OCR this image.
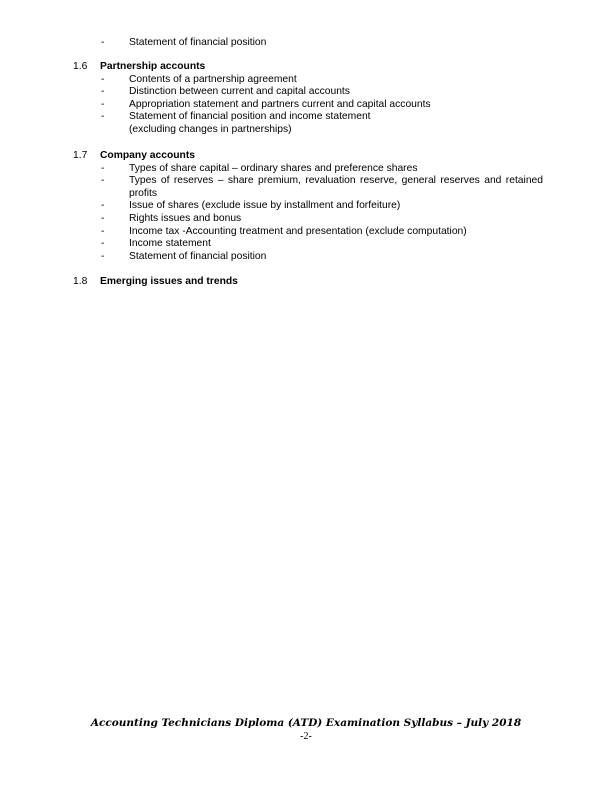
-	Statement of financial position
1.6	Partnership accounts
-	Contents of a partnership agreement
-	Distinction between current and capital accounts
-	Appropriation statement and partners current and capital accounts
-	Statement of financial position and income statement
(excluding changes in partnerships)
1.7	Company accounts
-	Types of share capital – ordinary shares and preference shares
-	Types of reserves – share premium, revaluation reserve, general reserves and retained profits
-	Issue of shares (exclude issue by installment and forfeiture)
-	Rights issues and bonus
-	Income tax -Accounting treatment and presentation (exclude computation)
-	Income statement
-	Statement of financial position
1.8	Emerging issues and trends
Accounting Technicians Diploma (ATD) Examination Syllabus – July 2018
-2-
